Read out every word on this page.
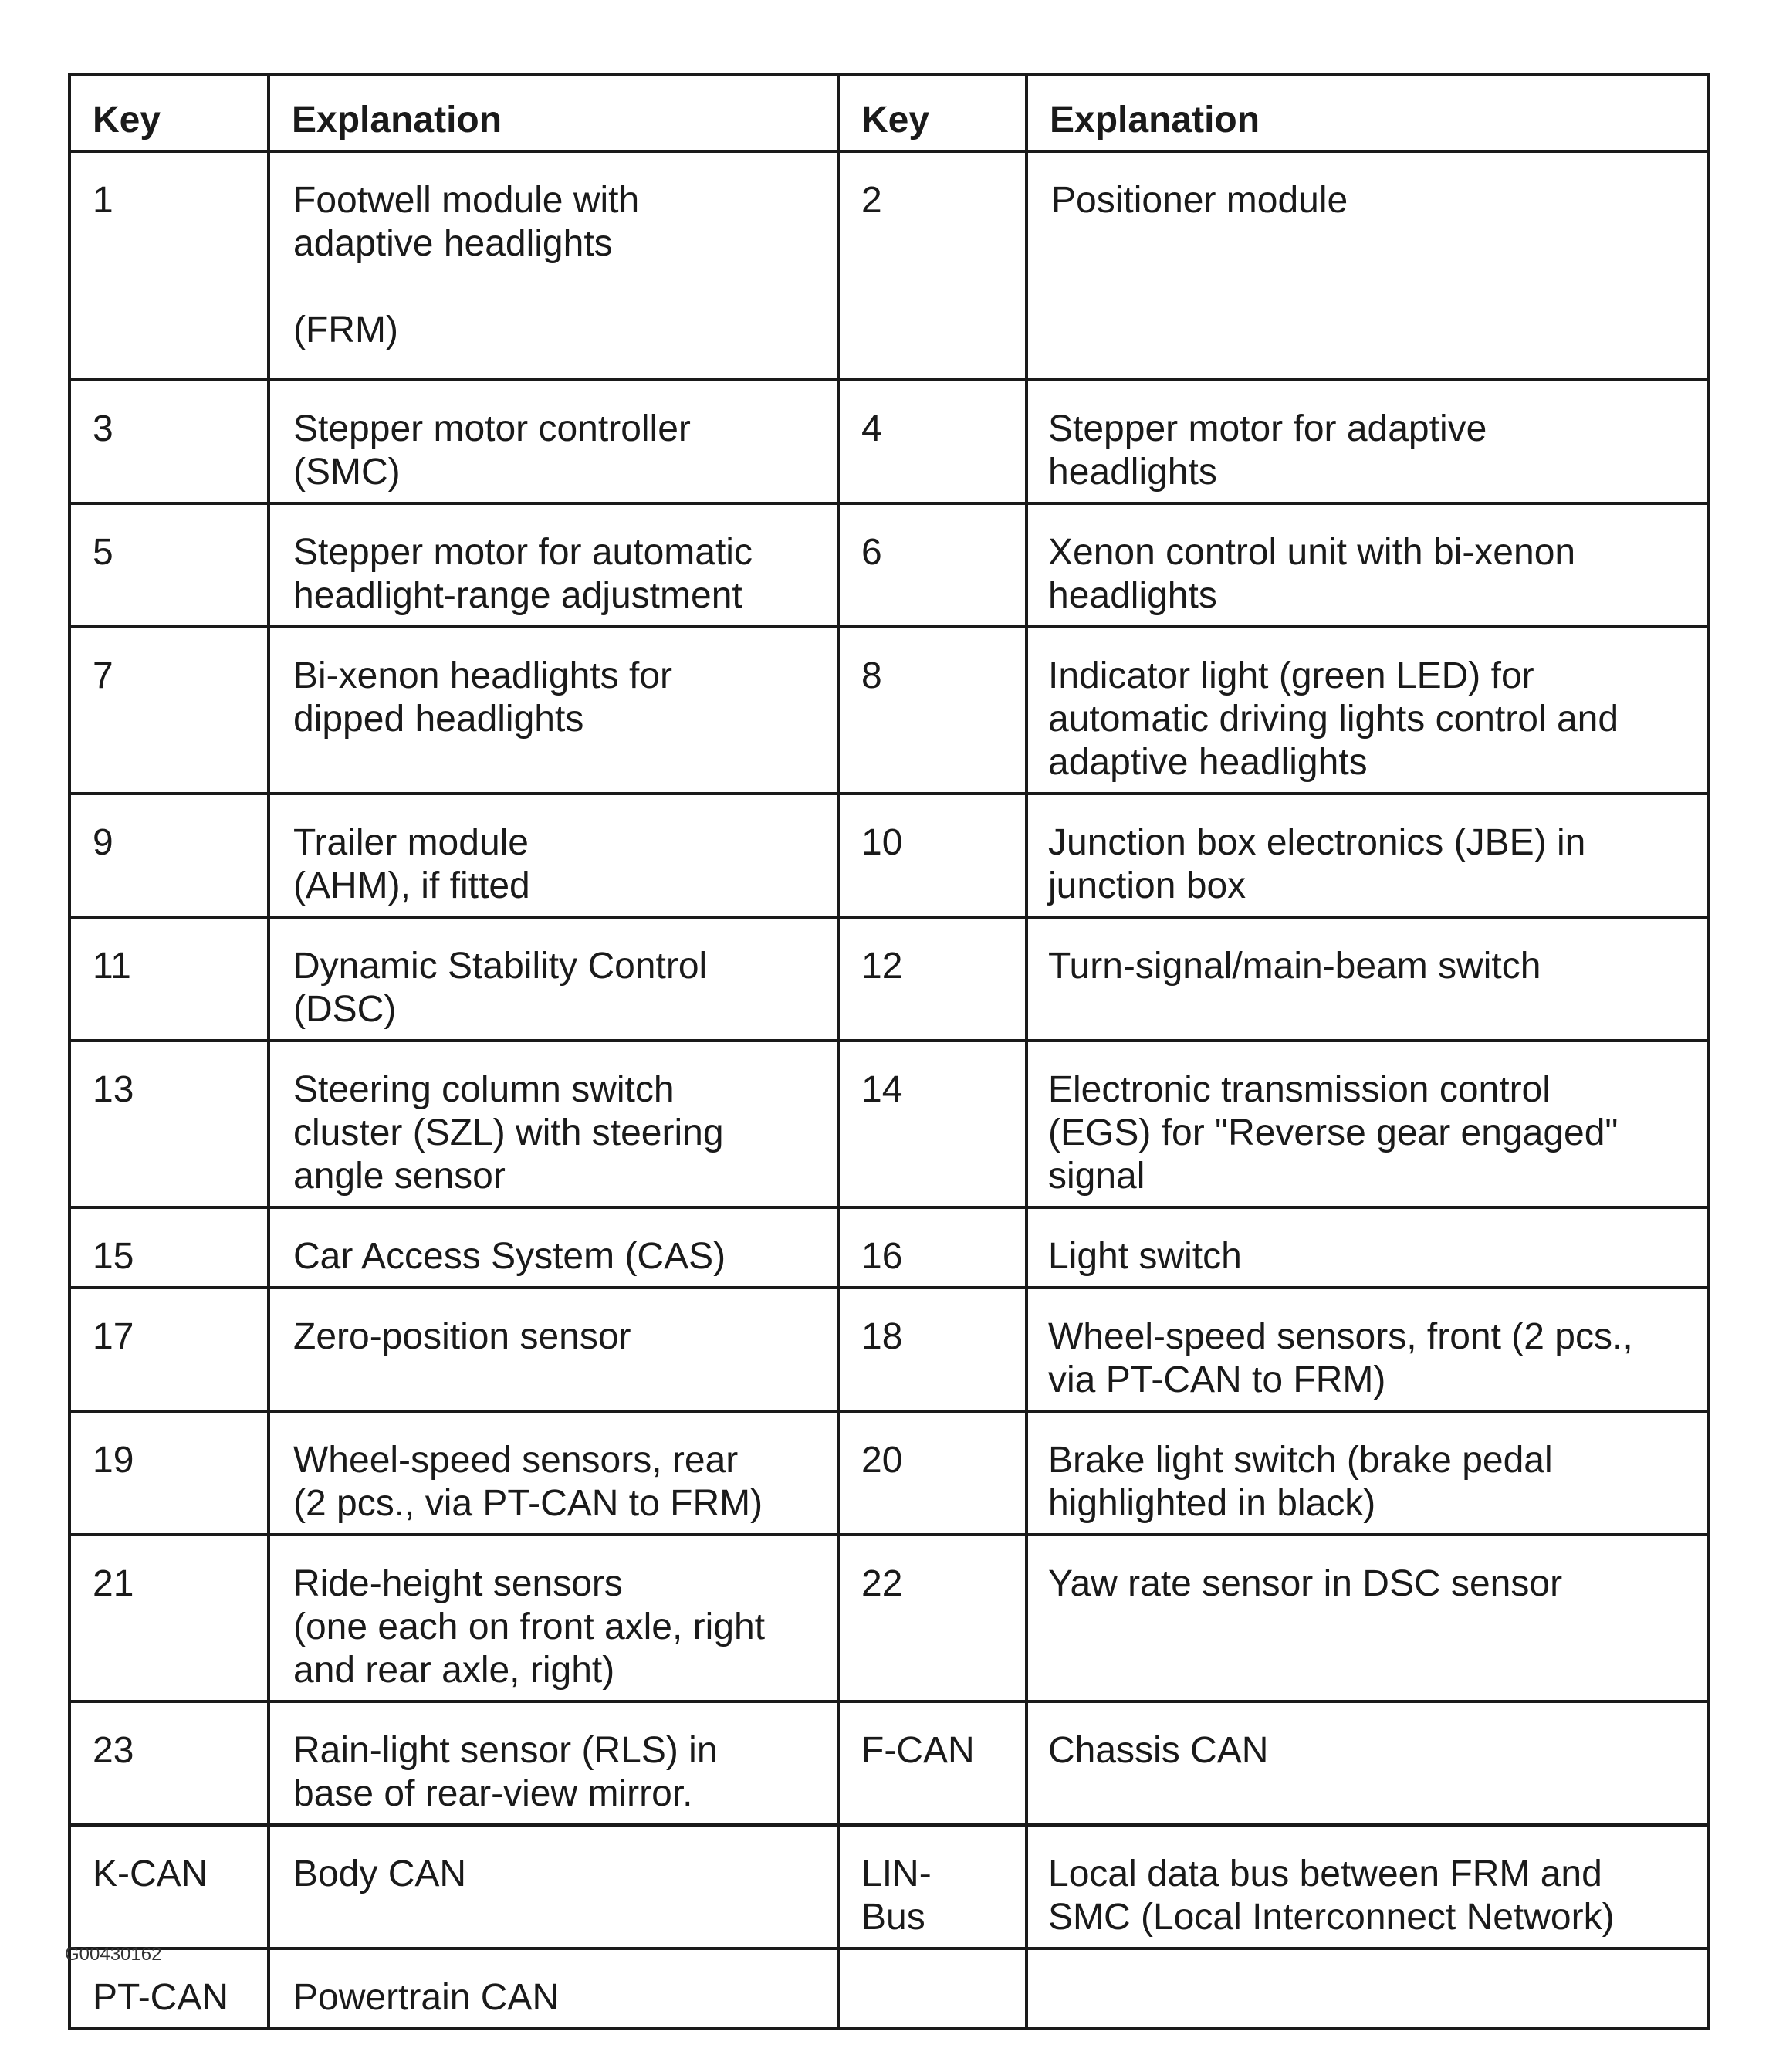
Key	Explanation	Key	Explanation
1	Footwell module with
adaptive headlights

(FRM)	2	Positioner module
3	Stepper motor controller
(SMC)	4	Stepper motor for adaptive
headlights
5	Stepper motor for automatic
headlight-range adjustment	6	Xenon control unit with bi-xenon
headlights
7	Bi-xenon headlights for
dipped headlights	8	Indicator light (green LED) for
automatic driving lights control and
adaptive headlights
9	Trailer module
(AHM), if fitted	10	Junction box electronics (JBE) in
junction box
11	Dynamic Stability Control
(DSC)	12	Turn-signal/main-beam switch
13	Steering column switch
cluster (SZL) with steering
angle sensor	14	Electronic transmission control
(EGS) for "Reverse gear engaged"
signal
15	Car Access System (CAS)	16	Light switch
17	Zero-position sensor	18	Wheel-speed sensors, front (2 pcs.,
via PT-CAN to FRM)
19	Wheel-speed sensors, rear
(2 pcs., via PT-CAN to FRM)	20	Brake light switch (brake pedal
highlighted in black)
21	Ride-height sensors
(one each on front axle, right
and rear axle, right)	22	Yaw rate sensor in DSC sensor
23	Rain-light sensor (RLS) in
base of rear-view mirror.	F-CAN	Chassis CAN
K-CAN	Body CAN	LIN-
Bus	Local data bus between FRM and
SMC (Local Interconnect Network)
PT-CAN	Powertrain CAN		
G00430162
